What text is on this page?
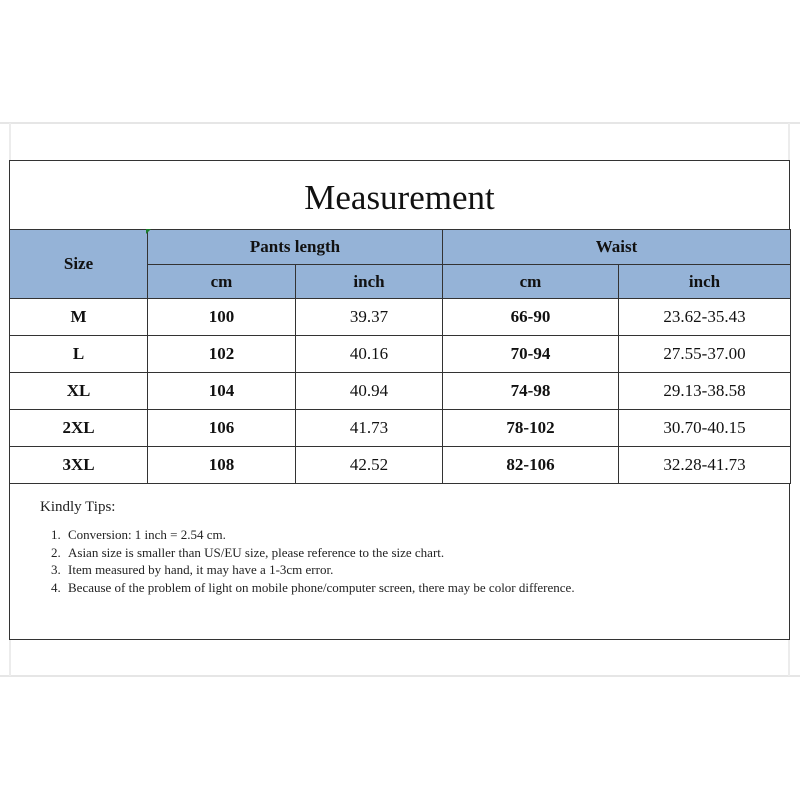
Measurement
Size	Pants length		Waist	
	cm	inch	cm	inch
M	100	39.37	66-90	23.62-35.43
L	102	40.16	70-94	27.55-37.00
XL	104	40.94	74-98	29.13-38.58
2XL	106	41.73	78-102	30.70-40.15
3XL	108	42.52	82-106	32.28-41.73
Kindly Tips:
1. Conversion: 1 inch = 2.54 cm.
2. Asian size is smaller than US/EU size, please reference to the size chart.
3. Item measured by hand, it may have a 1-3cm error.
4. Because of the problem of light on mobile phone/computer screen, there may be color difference.
